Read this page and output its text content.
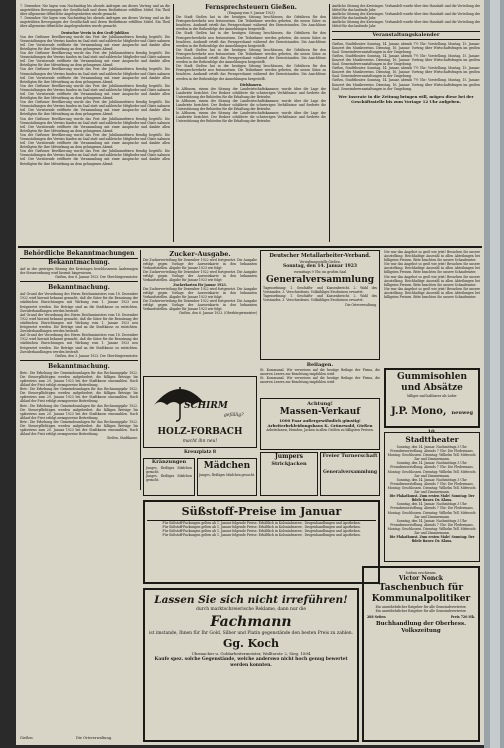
7. Dezember. Nie lagen vom Nachmittag bis abends Anfragen um dieses Vortrag und an die ungetrübten Bewegungen der Gesellschaft und deren Bedürfnisse erfüllten Mittel. Ein Theil über allgemeine öffentliche Angelegenheiten wurde gemacht.

7. Dezember. Nie lagen vom Nachmittag bis abends Anfragen um dieses Vortrag und an die ungetrübten Bewegungen der Gesellschaft und deren Bedürfnisse erfüllten Mittel. Ein Theil über allgemeine öffentliche Angelegenheiten wurde gemacht.

Deutscher Verein in den Groß-Jubiläen

Von der Gießener Bevölkerung wurde das Fest der Jubiläumsfeiern freudig begrüßt. Die Veranstaltungen des Vereins fanden im Saal statt und zahlreiche Mitglieder und Gäste nahmen teil. Der Vorsitzende eröffnete die Versammlung mit einer Ansprache und dankte allen Beteiligten für ihre Mitwirkung an dem gelungenen Abend.

Von der Gießener Bevölkerung wurde das Fest der Jubiläumsfeiern freudig begrüßt. Die Veranstaltungen des Vereins fanden im Saal statt und zahlreiche Mitglieder und Gäste nahmen teil. Der Vorsitzende eröffnete die Versammlung mit einer Ansprache und dankte allen Beteiligten für ihre Mitwirkung an dem gelungenen Abend.

Von der Gießener Bevölkerung wurde das Fest der Jubiläumsfeiern freudig begrüßt. Die Veranstaltungen des Vereins fanden im Saal statt und zahlreiche Mitglieder und Gäste nahmen teil. Der Vorsitzende eröffnete die Versammlung mit einer Ansprache und dankte allen Beteiligten für ihre Mitwirkung an dem gelungenen Abend.

Von der Gießener Bevölkerung wurde das Fest der Jubiläumsfeiern freudig begrüßt. Die Veranstaltungen des Vereins fanden im Saal statt und zahlreiche Mitglieder und Gäste nahmen teil. Der Vorsitzende eröffnete die Versammlung mit einer Ansprache und dankte allen Beteiligten für ihre Mitwirkung an dem gelungenen Abend.

Von der Gießener Bevölkerung wurde das Fest der Jubiläumsfeiern freudig begrüßt. Die Veranstaltungen des Vereins fanden im Saal statt und zahlreiche Mitglieder und Gäste nahmen teil. Der Vorsitzende eröffnete die Versammlung mit einer Ansprache und dankte allen Beteiligten für ihre Mitwirkung an dem gelungenen Abend.

Von der Gießener Bevölkerung wurde das Fest der Jubiläumsfeiern freudig begrüßt. Die Veranstaltungen des Vereins fanden im Saal statt und zahlreiche Mitglieder und Gäste nahmen teil. Der Vorsitzende eröffnete die Versammlung mit einer Ansprache und dankte allen Beteiligten für ihre Mitwirkung an dem gelungenen Abend.

Von der Gießener Bevölkerung wurde das Fest der Jubiläumsfeiern freudig begrüßt. Die Veranstaltungen des Vereins fanden im Saal statt und zahlreiche Mitglieder und Gäste nahmen teil. Der Vorsitzende eröffnete die Versammlung mit einer Ansprache und dankte allen Beteiligten für ihre Mitwirkung an dem gelungenen Abend.

Von der Gießener Bevölkerung wurde das Fest der Jubiläumsfeiern freudig begrüßt. Die Veranstaltungen des Vereins fanden im Saal statt und zahlreiche Mitglieder und Gäste nahmen teil. Der Vorsitzende eröffnete die Versammlung mit einer Ansprache und dankte allen Beteiligten für ihre Mitwirkung an dem gelungenen Abend.

Fernsprechsteuern Gießen.

(Eingang vom 9. Januar 1923)

Die Stadt Gießen hat in der heutigen Sitzung beschlossen, die Gebühren für den Fernsprechverkehr neu festzusetzen. Die Teilnehmer werden gebeten, die neuen Sätze zu beachten. Auskunft erteilt das Fernsprechamt während der Dienststunden. Die Anschlüsse werden in der Reihenfolge der Anmeldungen hergestellt.

Die Stadt Gießen hat in der heutigen Sitzung beschlossen, die Gebühren für den Fernsprechverkehr neu festzusetzen. Die Teilnehmer werden gebeten, die neuen Sätze zu beachten. Auskunft erteilt das Fernsprechamt während der Dienststunden. Die Anschlüsse werden in der Reihenfolge der Anmeldungen hergestellt.

Die Stadt Gießen hat in der heutigen Sitzung beschlossen, die Gebühren für den Fernsprechverkehr neu festzusetzen. Die Teilnehmer werden gebeten, die neuen Sätze zu beachten. Auskunft erteilt das Fernsprechamt während der Dienststunden. Die Anschlüsse werden in der Reihenfolge der Anmeldungen hergestellt.

Die Stadt Gießen hat in der heutigen Sitzung beschlossen, die Gebühren für den Fernsprechverkehr neu festzusetzen. Die Teilnehmer werden gebeten, die neuen Sätze zu beachten. Auskunft erteilt das Fernsprechamt während der Dienststunden. Die Anschlüsse werden in der Reihenfolge der Anmeldungen hergestellt.

Dielsbauern.

In Altbusen, einem der Sitzung der Landwirtschaftskammer, wurde über die Lage der Landwirte berichtet. Der Redner schilderte die schwierigen Verhältnisse und forderte die Unterstützung der Behörden für die Erhaltung der Betriebe.

In Altbusen, einem der Sitzung der Landwirtschaftskammer, wurde über die Lage der Landwirte berichtet. Der Redner schilderte die schwierigen Verhältnisse und forderte die Unterstützung der Behörden für die Erhaltung der Betriebe.

In Altbusen, einem der Sitzung der Landwirtschaftskammer, wurde über die Lage der Landwirte berichtet. Der Redner schilderte die schwierigen Verhältnisse und forderte die Unterstützung der Behörden für die Erhaltung der Betriebe.

Amtliche Sitzung des Kreistages. Verhandelt wurde über den Haushalt und die Verteilung der Mittel für das laufende Jahr.

Amtliche Sitzung des Kreistages. Verhandelt wurde über den Haushalt und die Verteilung der Mittel für das laufende Jahr.

Amtliche Sitzung des Kreistages. Verhandelt wurde über den Haushalt und die Verteilung der Mittel für das laufende Jahr.

Veranstaltungskalender

Gießen, Stadttheater. Sonntag, 14. Januar, abends 7½ Uhr: Vorstellung. Montag, 15. Januar: Konzert des Musikvereins. Dienstag, 16. Januar: Vortrag über Wirtschaftsfragen im großen Saal. Gemeindeveranstaltungen in der Umgebung.

Gießen, Stadttheater. Sonntag, 14. Januar, abends 7½ Uhr: Vorstellung. Montag, 15. Januar: Konzert des Musikvereins. Dienstag, 16. Januar: Vortrag über Wirtschaftsfragen im großen Saal. Gemeindeveranstaltungen in der Umgebung.

Gießen, Stadttheater. Sonntag, 14. Januar, abends 7½ Uhr: Vorstellung. Montag, 15. Januar: Konzert des Musikvereins. Dienstag, 16. Januar: Vortrag über Wirtschaftsfragen im großen Saal. Gemeindeveranstaltungen in der Umgebung.

Gießen, Stadttheater. Sonntag, 14. Januar, abends 7½ Uhr: Vorstellung. Montag, 15. Januar: Konzert des Musikvereins. Dienstag, 16. Januar: Vortrag über Wirtschaftsfragen im großen Saal. Gemeindeveranstaltungen in der Umgebung.

Wer Inserate in die Zeitung bringen will, mögen diese bei der Geschäftsstelle bis zum Vortage 12 Uhr aufgeben.

Behördliche Bekanntmachungen

Bekanntmachung.

Auf in der gestrigen Sitzung des Kreistages beschlossenen Änderungen der Steuerordnung wird hiermit hingewiesen.

Gießen, den 8. Januar 1923. Der Oberbürgermeister.

Bekanntmachung.

Auf Grund der Verordnung des Herrn Reichsministers vom 18. Dezember 1922 wird hiermit bekannt gemacht, daß die Sätze für die Benutzung der städtischen Einrichtungen mit Wirkung vom 1. Januar 1923 neu festgesetzt werden. Die Beträge sind an die Stadtkasse zu entrichten. Zuwiderhandlungen werden bestraft.

Auf Grund der Verordnung des Herrn Reichsministers vom 18. Dezember 1922 wird hiermit bekannt gemacht, daß die Sätze für die Benutzung der städtischen Einrichtungen mit Wirkung vom 1. Januar 1923 neu festgesetzt werden. Die Beträge sind an die Stadtkasse zu entrichten. Zuwiderhandlungen werden bestraft.

Auf Grund der Verordnung des Herrn Reichsministers vom 18. Dezember 1922 wird hiermit bekannt gemacht, daß die Sätze für die Benutzung der städtischen Einrichtungen mit Wirkung vom 1. Januar 1923 neu festgesetzt werden. Die Beträge sind an die Stadtkasse zu entrichten. Zuwiderhandlungen werden bestraft.

Gießen, den 3. Januar 1923. Der Oberbürgermeister.

Bekanntmachung.

Betr.: Die Erhebung der Gemeindeumlagen für das Rechnungsjahr 1922. Die Steuerpflichtigen werden aufgefordert, die fälligen Beträge bis spätestens zum 20. Januar 1923 bei der Stadtkasse einzuzahlen. Nach Ablauf der Frist erfolgt zwangsweise Beitreibung.

Betr.: Die Erhebung der Gemeindeumlagen für das Rechnungsjahr 1922. Die Steuerpflichtigen werden aufgefordert, die fälligen Beträge bis spätestens zum 20. Januar 1923 bei der Stadtkasse einzuzahlen. Nach Ablauf der Frist erfolgt zwangsweise Beitreibung.

Betr.: Die Erhebung der Gemeindeumlagen für das Rechnungsjahr 1922. Die Steuerpflichtigen werden aufgefordert, die fälligen Beträge bis spätestens zum 20. Januar 1923 bei der Stadtkasse einzuzahlen. Nach Ablauf der Frist erfolgt zwangsweise Beitreibung.

Betr.: Die Erhebung der Gemeindeumlagen für das Rechnungsjahr 1922. Die Steuerpflichtigen werden aufgefordert, die fälligen Beträge bis spätestens zum 20. Januar 1923 bei der Stadtkasse einzuzahlen. Nach Ablauf der Frist erfolgt zwangsweise Beitreibung.

Gießen, Stadtkasse.

Zucker-Ausgabe.

Die Zuckerverteilung für Dezember 1922 wird fortgesetzt. Die Ausgabe erfolgt gegen Vorlage der Ausweiskarte in den bekannten Verkaufsstellen. Abgabe für Januar 1923 wie folgt:

Die Zuckerverteilung für Dezember 1922 wird fortgesetzt. Die Ausgabe erfolgt gegen Vorlage der Ausweiskarte in den bekannten Verkaufsstellen. Abgabe für Januar 1923 wie folgt:

Zuckerkarten für Januar 1923.

Die Zuckerverteilung für Dezember 1922 wird fortgesetzt. Die Ausgabe erfolgt gegen Vorlage der Ausweiskarte in den bekannten Verkaufsstellen. Abgabe für Januar 1923 wie folgt:

Die Zuckerverteilung für Dezember 1922 wird fortgesetzt. Die Ausgabe erfolgt gegen Vorlage der Ausweiskarte in den bekannten Verkaufsstellen. Abgabe für Januar 1923 wie folgt:

Gießen, den 6. Januar 1923. (Oberbürgermeister)

SCHIRM
gefällig?
HOLZ-FORBACH
macht ihn neu!
Kreuzplatz 8

Kränzungen

Junges, fleißiges Mädchen gesucht.

Junges, fleißiges Mädchen gesucht.

Mädchen

Junges, fleißiges Mädchen gesucht.

Deutscher Metallarbeiter-Verband.

Verwaltungsstelle Gießen.

Sonntag, den 14. Januar 1923

vormittags 9 Uhr, im großen Saal

Generalversammlung

Tagesordnung: 1. Geschäfts- und Kassenbericht. 2. Wahl des Vorstandes. 3. Verschiedenes. Vollzähliges Erscheinen erwartet.

Tagesordnung: 1. Geschäfts- und Kassenbericht. 2. Wahl des Vorstandes. 3. Verschiedenes. Vollzähliges Erscheinen erwartet.

Die Ortsverwaltung.

Beilagen.

St. Kommunal. Wir verweisen auf die heutige Beilage der Firma, die unseren Lesern zur Beachtung empfohlen wird.

St. Kommunal. Wir verweisen auf die heutige Beilage der Firma, die unseren Lesern zur Beachtung empfohlen wird.

Achtung!

Massen-Verkauf

1000 Paar außergewöhnlich günstig! Arbeiterbekleidungshaus K. Grünewald, Gießen

Arbeitshosen, Hemden, Jacken in allen Größen zu billigsten Preisen.

Jumpers

Strickjacken

Freier Turnerschaft

Generalversammlung

Nie war das Angebot so groß wie jetzt! Besuchen Sie unsere Ausstellung. Reichhaltige Auswahl in allen Abteilungen bei billigsten Preisen. Bitte beachten Sie unsere Schaufenster.

Nie war das Angebot so groß wie jetzt! Besuchen Sie unsere Ausstellung. Reichhaltige Auswahl in allen Abteilungen bei billigsten Preisen. Bitte beachten Sie unsere Schaufenster.

Nie war das Angebot so groß wie jetzt! Besuchen Sie unsere Ausstellung. Reichhaltige Auswahl in allen Abteilungen bei billigsten Preisen. Bitte beachten Sie unsere Schaufenster.

Nie war das Angebot so groß wie jetzt! Besuchen Sie unsere Ausstellung. Reichhaltige Auswahl in allen Abteilungen bei billigsten Preisen. Bitte beachten Sie unsere Schaufenster.

Gummisohlen

und Absätze

billiger und haltbarer als Leder

J.P. Mono, neuweg 10.

Stadttheater

Sonntag, den 14. Januar. Nachmittags 3 Uhr: Fremdenvorstellung. Abends 7 Uhr: Die Fledermaus. Montag: Geschlossen. Dienstag: Wilhelm Tell. Mittwoch: Zar und Zimmermann.

Sonntag, den 14. Januar. Nachmittags 3 Uhr: Fremdenvorstellung. Abends 7 Uhr: Die Fledermaus. Montag: Geschlossen. Dienstag: Wilhelm Tell. Mittwoch: Zar und Zimmermann.

Sonntag, den 14. Januar. Nachmittags 3 Uhr: Fremdenvorstellung. Abends 7 Uhr: Die Fledermaus. Montag: Geschlossen. Dienstag: Wilhelm Tell. Mittwoch: Zar und Zimmermann.

Die Plakatkunst. Zum ersten Male! Sonntag: Der fidele Bauer. Dr. Klaus.

Sonntag, den 14. Januar. Nachmittags 3 Uhr: Fremdenvorstellung. Abends 7 Uhr: Die Fledermaus. Montag: Geschlossen. Dienstag: Wilhelm Tell. Mittwoch: Zar und Zimmermann.

Sonntag, den 14. Januar. Nachmittags 3 Uhr: Fremdenvorstellung. Abends 7 Uhr: Die Fledermaus. Montag: Geschlossen. Dienstag: Wilhelm Tell. Mittwoch: Zar und Zimmermann.

Die Plakatkunst. Zum ersten Male! Sonntag: Der fidele Bauer. Dr. Klaus.

Süßstoff-Preise im Januar

Für Süßstoff-Packungen gelten ab 1. Januar folgende Preise. Erhältlich in Kolonialwaren-, Drogenhandlungen und Apotheken.

Für Süßstoff-Packungen gelten ab 1. Januar folgende Preise. Erhältlich in Kolonialwaren-, Drogenhandlungen und Apotheken.

Für Süßstoff-Packungen gelten ab 1. Januar folgende Preise. Erhältlich in Kolonialwaren-, Drogenhandlungen und Apotheken.

Für Süßstoff-Packungen gelten ab 1. Januar folgende Preise. Erhältlich in Kolonialwaren-, Drogenhandlungen und Apotheken.

Lassen Sie sich nicht irreführen!

durch marktschreierische Reklame, dann nur die

Fachmann

ist imstande, Ihnen für Ihr Gold, Silber und Platin gegenstände den besten Preis zu zahlen.

Gg. Koch

Uhrmacher u. Goldarbeitermeister, Walltorstr. 2, Sieg. 1894

Kaufe spez. solche Gegenstände, welche anderswo nicht hoch genug bewertet werden konnten.

Soeben erschienen:

Victor Nonck

Taschenbuch für Kommunalpolitiker

Ein unentbehrlicher Ratgeber für alle Gemeindevertreter.

Ein unentbehrlicher Ratgeber für alle Gemeindevertreter.

288 Seiten	Preis 720 Mk.

Buchhandlung der Oberhess. Volkszeitung

Gießen	Die Ortsverwaltung.
